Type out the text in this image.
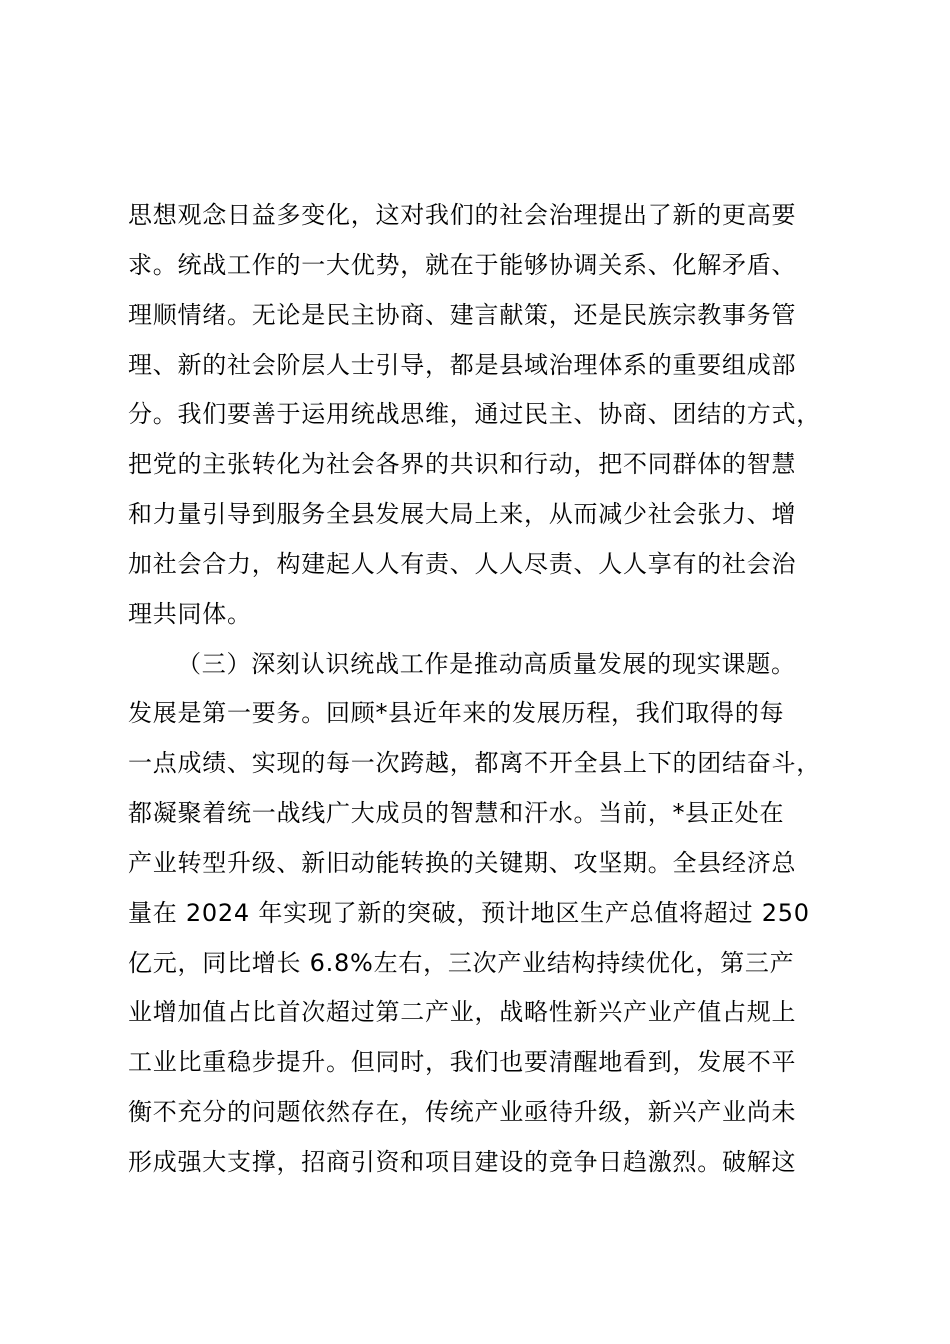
思想观念日益多变化，这对我们的社会治理提出了新的更高要
求。统战工作的一大优势，就在于能够协调关系、化解矛盾、
理顺情绪。无论是民主协商、建言献策，还是民族宗教事务管
理、新的社会阶层人士引导，都是县域治理体系的重要组成部
分。我们要善于运用统战思维，通过民主、协商、团结的方式，
把党的主张转化为社会各界的共识和行动，把不同群体的智慧
和力量引导到服务全县发展大局上来，从而减少社会张力、增
加社会合力，构建起人人有责、人人尽责、人人享有的社会治
理共同体。
（三）深刻认识统战工作是推动高质量发展的现实课题。
发展是第一要务。回顾*县近年来的发展历程，我们取得的每
一点成绩、实现的每一次跨越，都离不开全县上下的团结奋斗，
都凝聚着统一战线广大成员的智慧和汗水。当前，*县正处在
产业转型升级、新旧动能转换的关键期、攻坚期。全县经济总
量在 2024 年实现了新的突破，预计地区生产总值将超过 250
亿元，同比增长 6.8%左右，三次产业结构持续优化，第三产
业增加值占比首次超过第二产业，战略性新兴产业产值占规上
工业比重稳步提升。但同时，我们也要清醒地看到，发展不平
衡不充分的问题依然存在，传统产业亟待升级，新兴产业尚未
形成强大支撑，招商引资和项目建设的竞争日趋激烈。破解这
